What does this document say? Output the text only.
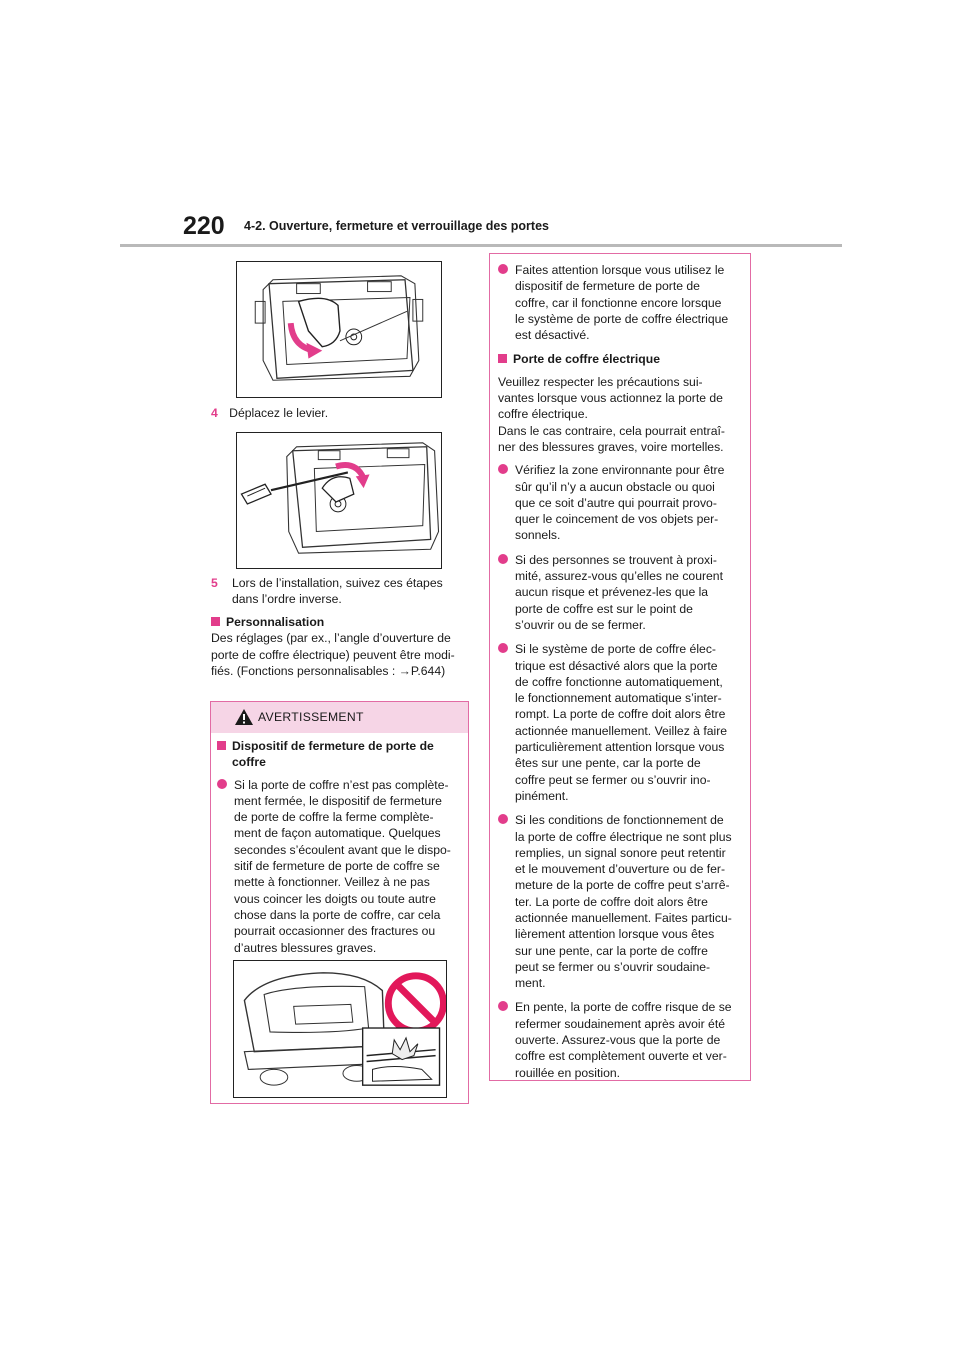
220 4-2. Ouverture, fermeture et verrouillage des portes
4 Déplacez le levier.
5 Lors de l’installation, suivez ces étapes
dans l’ordre inverse.
Personnalisation
Des réglages (par ex., l’angle d’ouverture de
porte de coffre électrique) peuvent être modi-
fiés. (Fonctions personnalisables : →P.644)
AVERTISSEMENT
Dispositif de fermeture de porte de
coffre
Si la porte de coffre n’est pas complète-
ment fermée, le dispositif de fermeture
de porte de coffre la ferme complète-
ment de façon automatique. Quelques
secondes s’écoulent avant que le dispo-
sitif de fermeture de porte de coffre se
mette à fonctionner. Veillez à ne pas
vous coincer les doigts ou toute autre
chose dans la porte de coffre, car cela
pourrait occasionner des fractures ou
d’autres blessures graves.
Faites attention lorsque vous utilisez le
dispositif de fermeture de porte de
coffre, car il fonctionne encore lorsque
le système de porte de coffre électrique
est désactivé.
Porte de coffre électrique
Veuillez respecter les précautions sui-
vantes lorsque vous actionnez la porte de
coffre électrique.
Dans le cas contraire, cela pourrait entraî-
ner des blessures graves, voire mortelles.
Vérifiez la zone environnante pour être
sûr qu’il n’y a aucun obstacle ou quoi
que ce soit d’autre qui pourrait provo-
quer le coincement de vos objets per-
sonnels.
Si des personnes se trouvent à proxi-
mité, assurez-vous qu’elles ne courent
aucun risque et prévenez-les que la
porte de coffre est sur le point de
s’ouvrir ou de se fermer.
Si le système de porte de coffre élec-
trique est désactivé alors que la porte
de coffre fonctionne automatiquement,
le fonctionnement automatique s’inter-
rompt. La porte de coffre doit alors être
actionnée manuellement. Veillez à faire
particulièrement attention lorsque vous
êtes sur une pente, car la porte de
coffre peut se fermer ou s’ouvrir ino-
pinément.
Si les conditions de fonctionnement de
la porte de coffre électrique ne sont plus
remplies, un signal sonore peut retentir
et le mouvement d’ouverture ou de fer-
meture de la porte de coffre peut s’arrê-
ter. La porte de coffre doit alors être
actionnée manuellement. Faites particu-
lièrement attention lorsque vous êtes
sur une pente, car la porte de coffre
peut se fermer ou s’ouvrir soudaine-
ment.
En pente, la porte de coffre risque de se
refermer soudainement après avoir été
ouverte. Assurez-vous que la porte de
coffre est complètement ouverte et ver-
rouillée en position.
